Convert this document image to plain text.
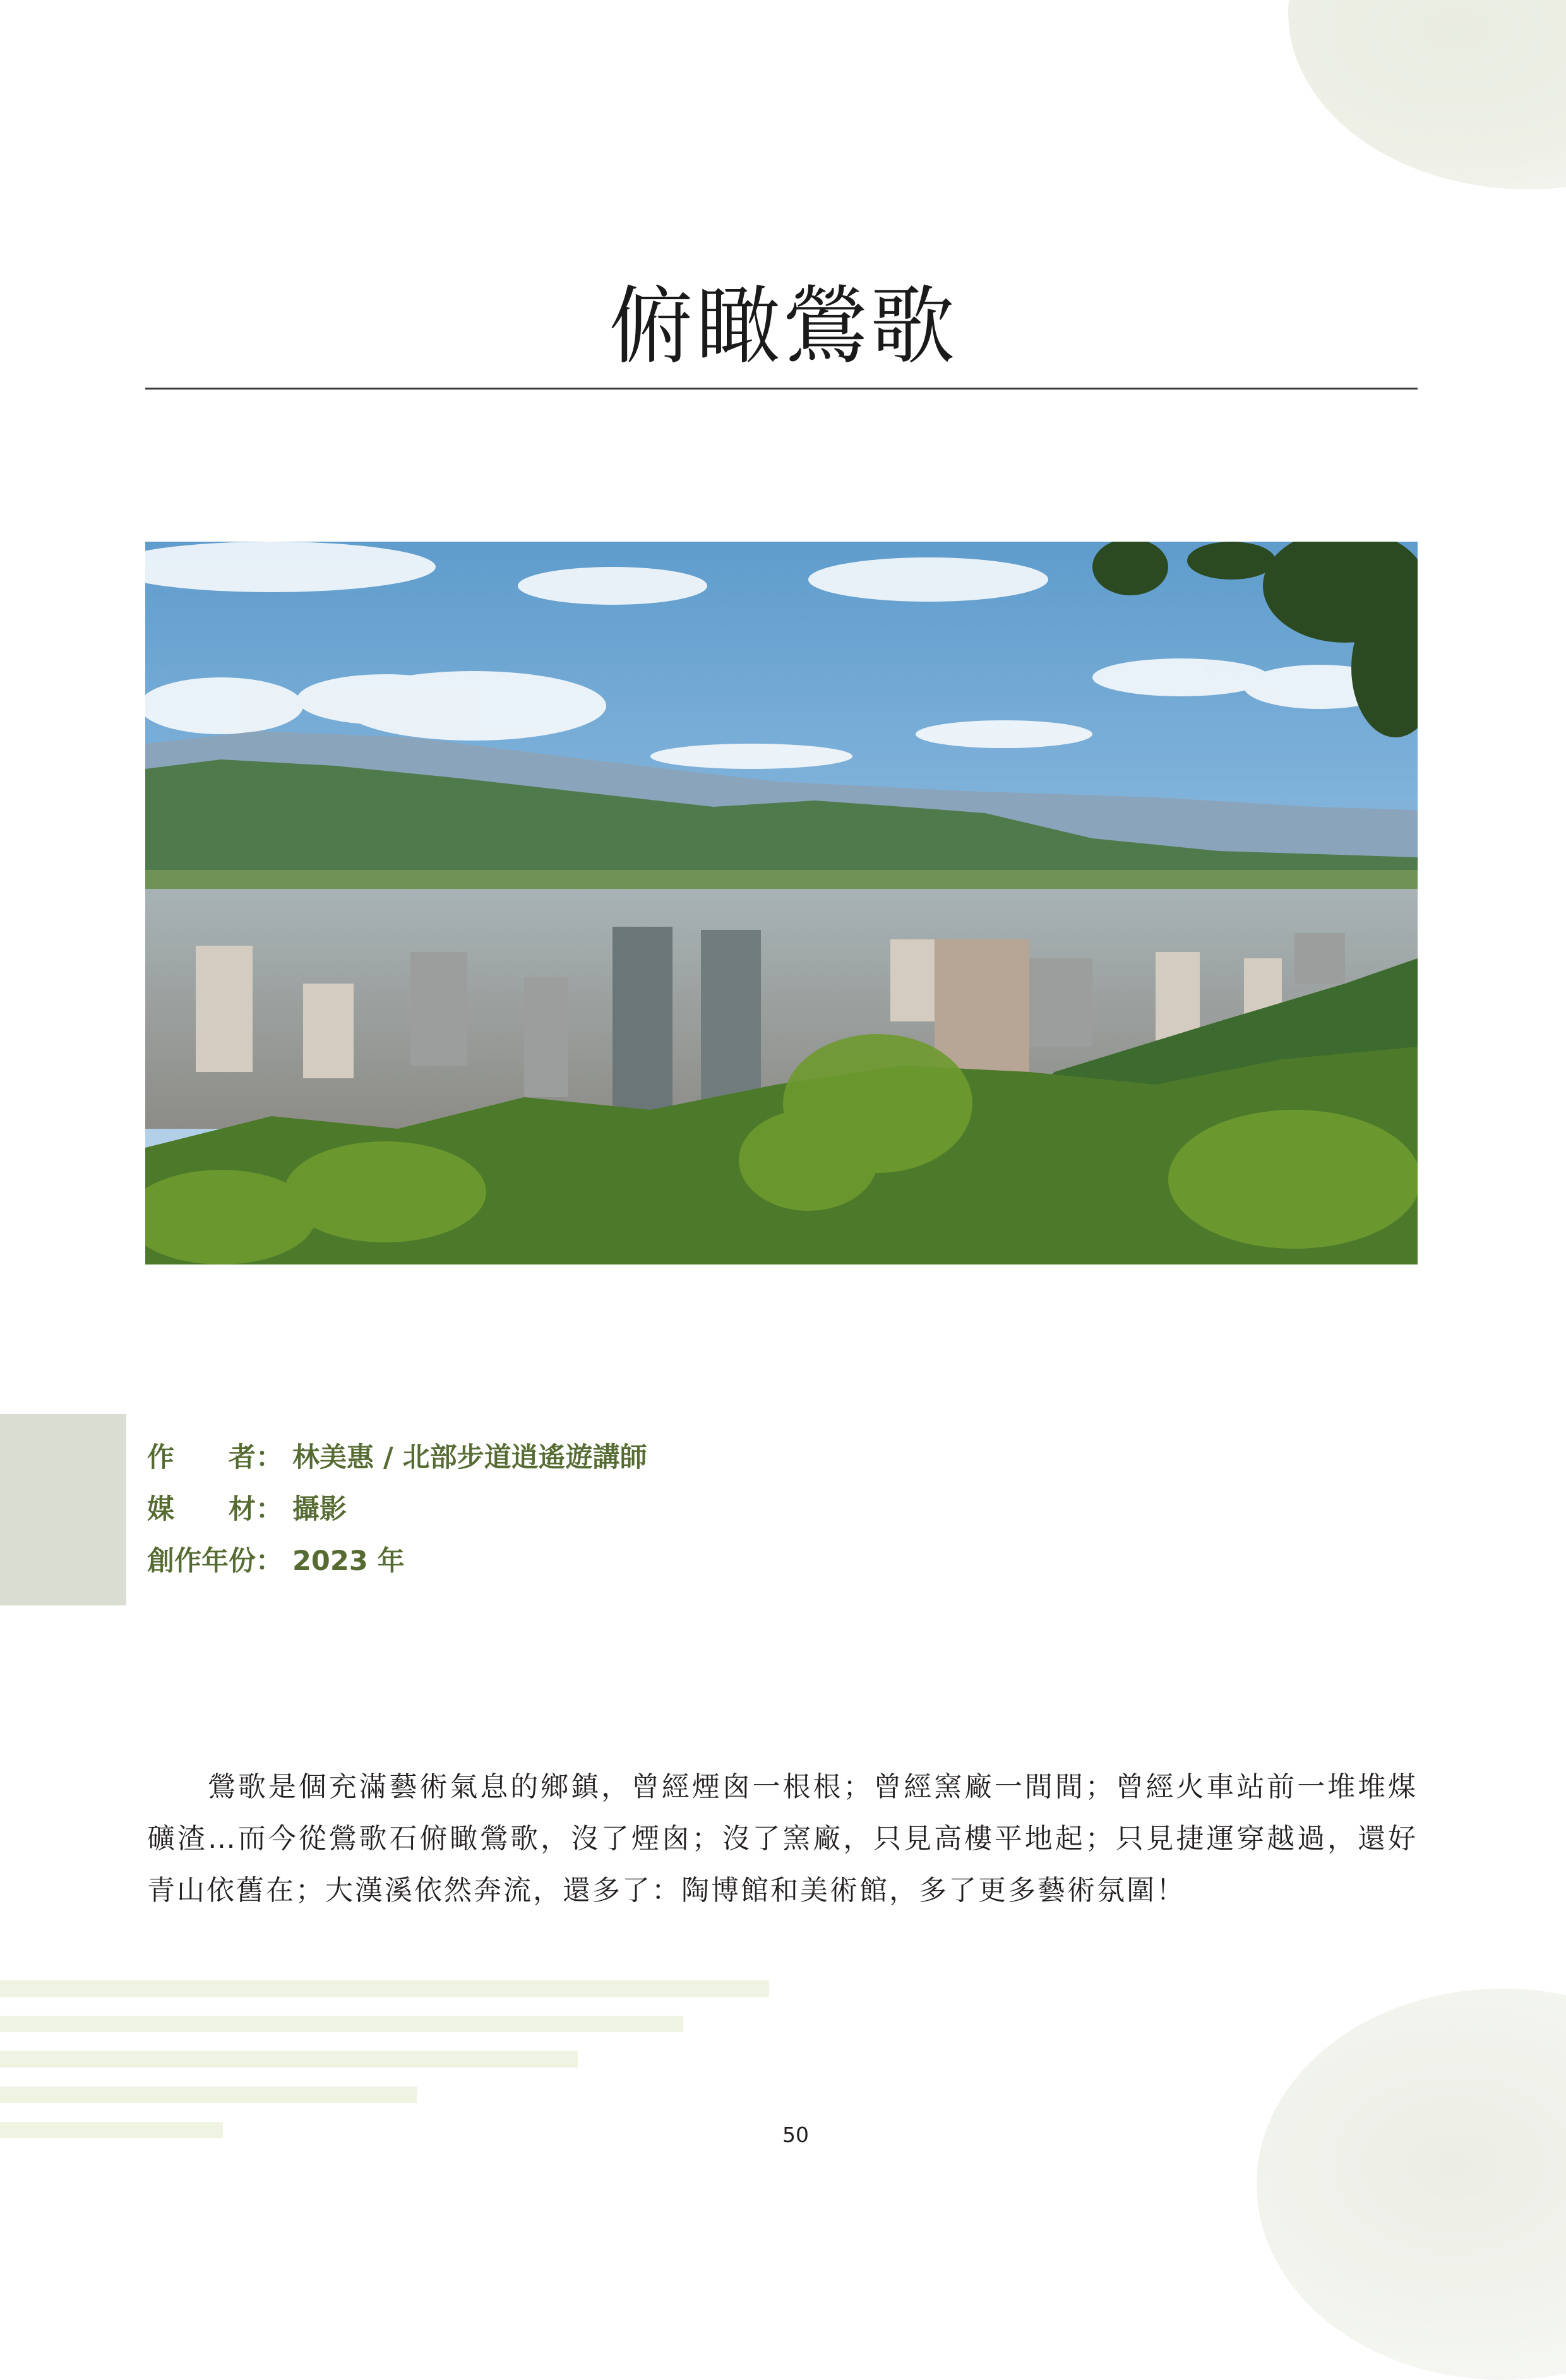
俯瞰鶯歌
作　　者： 林美惠 / 北部步道逍遙遊講師
媒　　材： 攝影
創作年份： 2023 年

鶯歌是個充滿藝術氣息的鄉鎮，曾經煙囪一根根；曾經窯廠一間間；曾經火車站前一堆堆煤礦渣…而今從鶯歌石俯瞰鶯歌，沒了煙囪；沒了窯廠，只見高樓平地起；只見捷運穿越過，還好青山依舊在；大漢溪依然奔流，還多了：陶博館和美術館，多了更多藝術氛圍！

50
